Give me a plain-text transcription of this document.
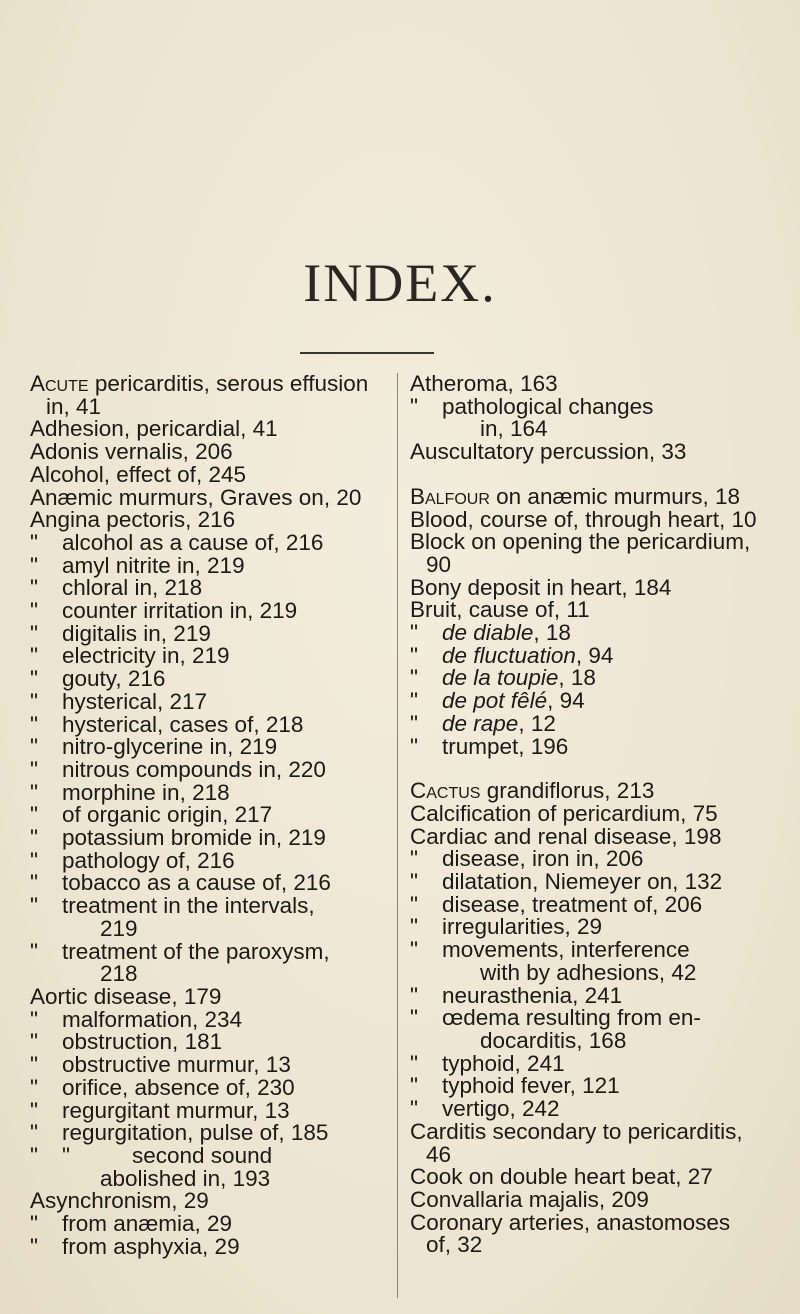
INDEX.
Acute pericarditis, serous effusion
in, 41
Adhesion, pericardial, 41
Adonis vernalis, 206
Alcohol, effect of, 245
Anæmic murmurs, Graves on, 20
Angina pectoris, 216
" alcohol as a cause of, 216
" amyl nitrite in, 219
" chloral in, 218
" counter irritation in, 219
" digitalis in, 219
" electricity in, 219
" gouty, 216
" hysterical, 217
" hysterical, cases of, 218
" nitro-glycerine in, 219
" nitrous compounds in, 220
" morphine in, 218
" of organic origin, 217
" potassium bromide in, 219
" pathology of, 216
" tobacco as a cause of, 216
" treatment in the intervals,
219
" treatment of the paroxysm,
218
Aortic disease, 179
" malformation, 234
" obstruction, 181
" obstructive murmur, 13
" orifice, absence of, 230
" regurgitant murmur, 13
" regurgitation, pulse of, 185
" "	second sound
abolished in, 193
Asynchronism, 29
" from anæmia, 29
" from asphyxia, 29
Atheroma, 163
" pathological changes
in, 164
Auscultatory percussion, 33
Balfour on anæmic murmurs, 18
Blood, course of, through heart, 10
Block on opening the pericardium,
90
Bony deposit in heart, 184
Bruit, cause of, 11
" de diable, 18
" de fluctuation, 94
" de la toupie, 18
" de pot fêlé, 94
" de rape, 12
" trumpet, 196
Cactus grandiflorus, 213
Calcification of pericardium, 75
Cardiac and renal disease, 198
" disease, iron in, 206
" dilatation, Niemeyer on, 132
" disease, treatment of, 206
" irregularities, 29
" movements, interference
with by adhesions, 42
" neurasthenia, 241
" œdema resulting from en-
docarditis, 168
" typhoid, 241
" typhoid fever, 121
" vertigo, 242
Carditis secondary to pericarditis,
46
Cook on double heart beat, 27
Convallaria majalis, 209
Coronary arteries, anastomoses
of, 32
